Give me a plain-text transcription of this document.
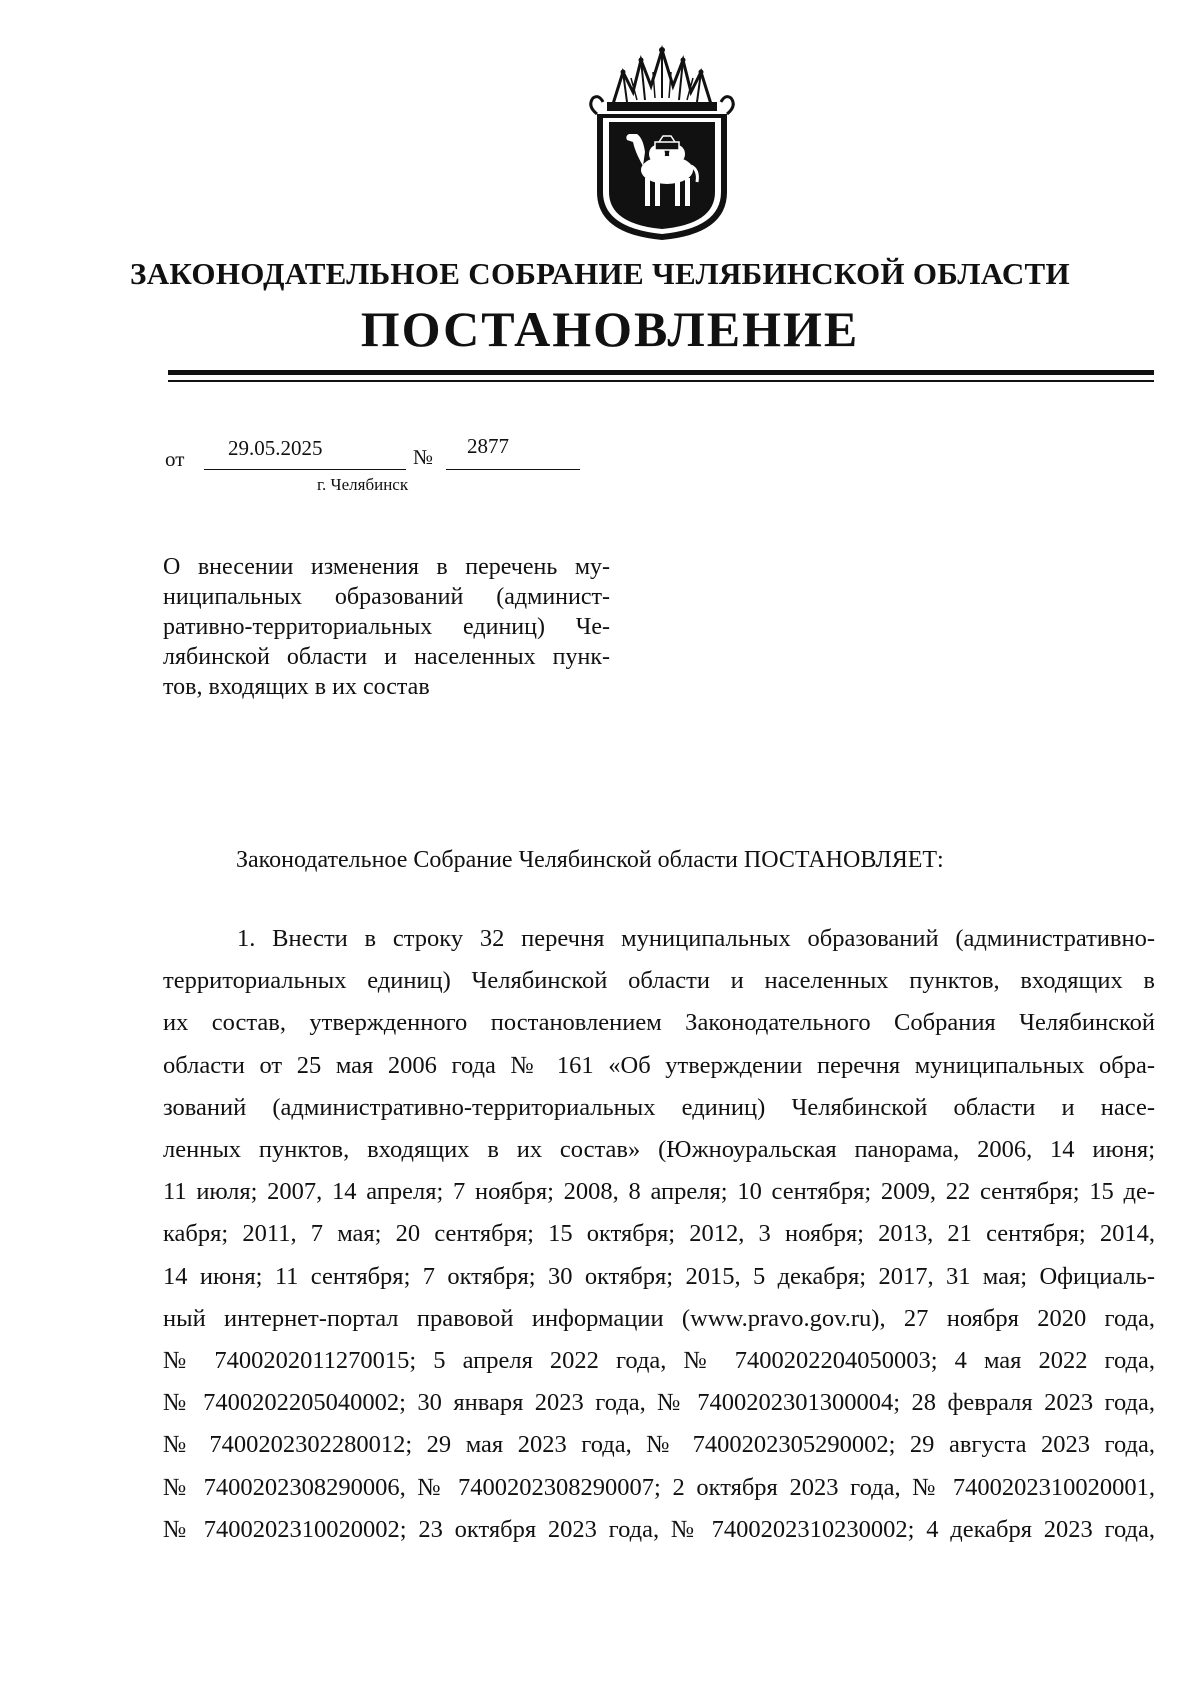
ЗАКОНОДАТЕЛЬНОЕ СОБРАНИЕ ЧЕЛЯБИНСКОЙ ОБЛАСТИ
ПОСТАНОВЛЕНИЕ
от 29.05.2025	№ 2877
г. Челябинск
О внесении изменения в перечень му-
ниципальных образований (админист-
ративно-территориальных единиц) Че-
лябинской области и населенных пунк-
тов, входящих в их состав
Законодательное Собрание Челябинской области ПОСТАНОВЛЯЕТ:
1. Внести в строку 32 перечня муниципальных образований (административно-
территориальных единиц) Челябинской области и населенных пунктов, входящих в
их состав, утвержденного постановлением Законодательного Собрания Челябинской
области от 25 мая 2006 года № 161 «Об утверждении перечня муниципальных обра-
зований (административно-территориальных единиц) Челябинской области и насе-
ленных пунктов, входящих в их состав» (Южноуральская панорама, 2006, 14 июня;
11 июля; 2007, 14 апреля; 7 ноября; 2008, 8 апреля; 10 сентября; 2009, 22 сентября; 15 де-
кабря; 2011, 7 мая; 20 сентября; 15 октября; 2012, 3 ноября; 2013, 21 сентября; 2014,
14 июня; 11 сентября; 7 октября; 30 октября; 2015, 5 декабря; 2017, 31 мая; Официаль-
ный интернет-портал правовой информации (www.pravo.gov.ru), 27 ноября 2020 года,
№ 7400202011270015; 5 апреля 2022 года, № 7400202204050003; 4 мая 2022 года,
№ 7400202205040002; 30 января 2023 года, № 7400202301300004; 28 февраля 2023 года,
№ 7400202302280012; 29 мая 2023 года, № 7400202305290002; 29 августа 2023 года,
№ 7400202308290006, № 7400202308290007; 2 октября 2023 года, № 7400202310020001,
№ 7400202310020002; 23 октября 2023 года, № 7400202310230002; 4 декабря 2023 года,
